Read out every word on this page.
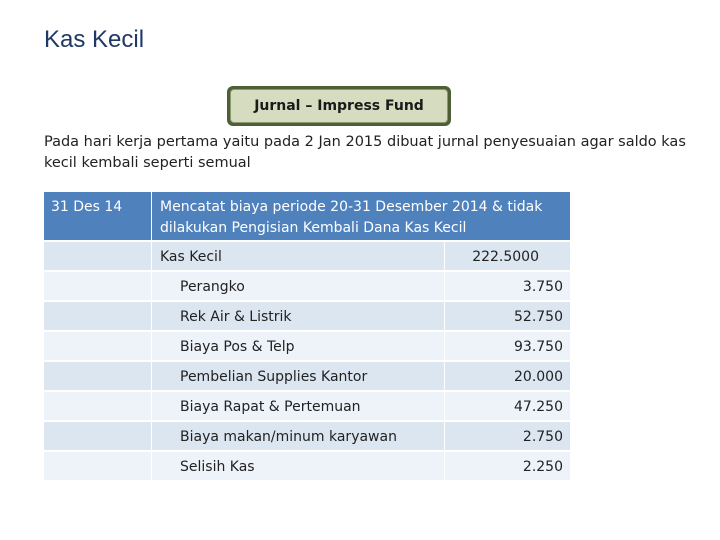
Kas Kecil
Jurnal – Impress Fund
Pada hari kerja pertama yaitu pada 2 Jan 2015 dibuat jurnal penyesuaian agar saldo kas kecil kembali seperti semual
31 Des 14	Mencatat biaya periode 20-31 Desember 2014 & tidak dilakukan Pengisian Kembali Dana Kas Kecil
Kas Kecil	222.5000
Perangko	3.750
Rek Air & Listrik	52.750
Biaya Pos & Telp	93.750
Pembelian Supplies Kantor	20.000
Biaya Rapat & Pertemuan	47.250
Biaya makan/minum karyawan	2.750
Selisih Kas	2.250
